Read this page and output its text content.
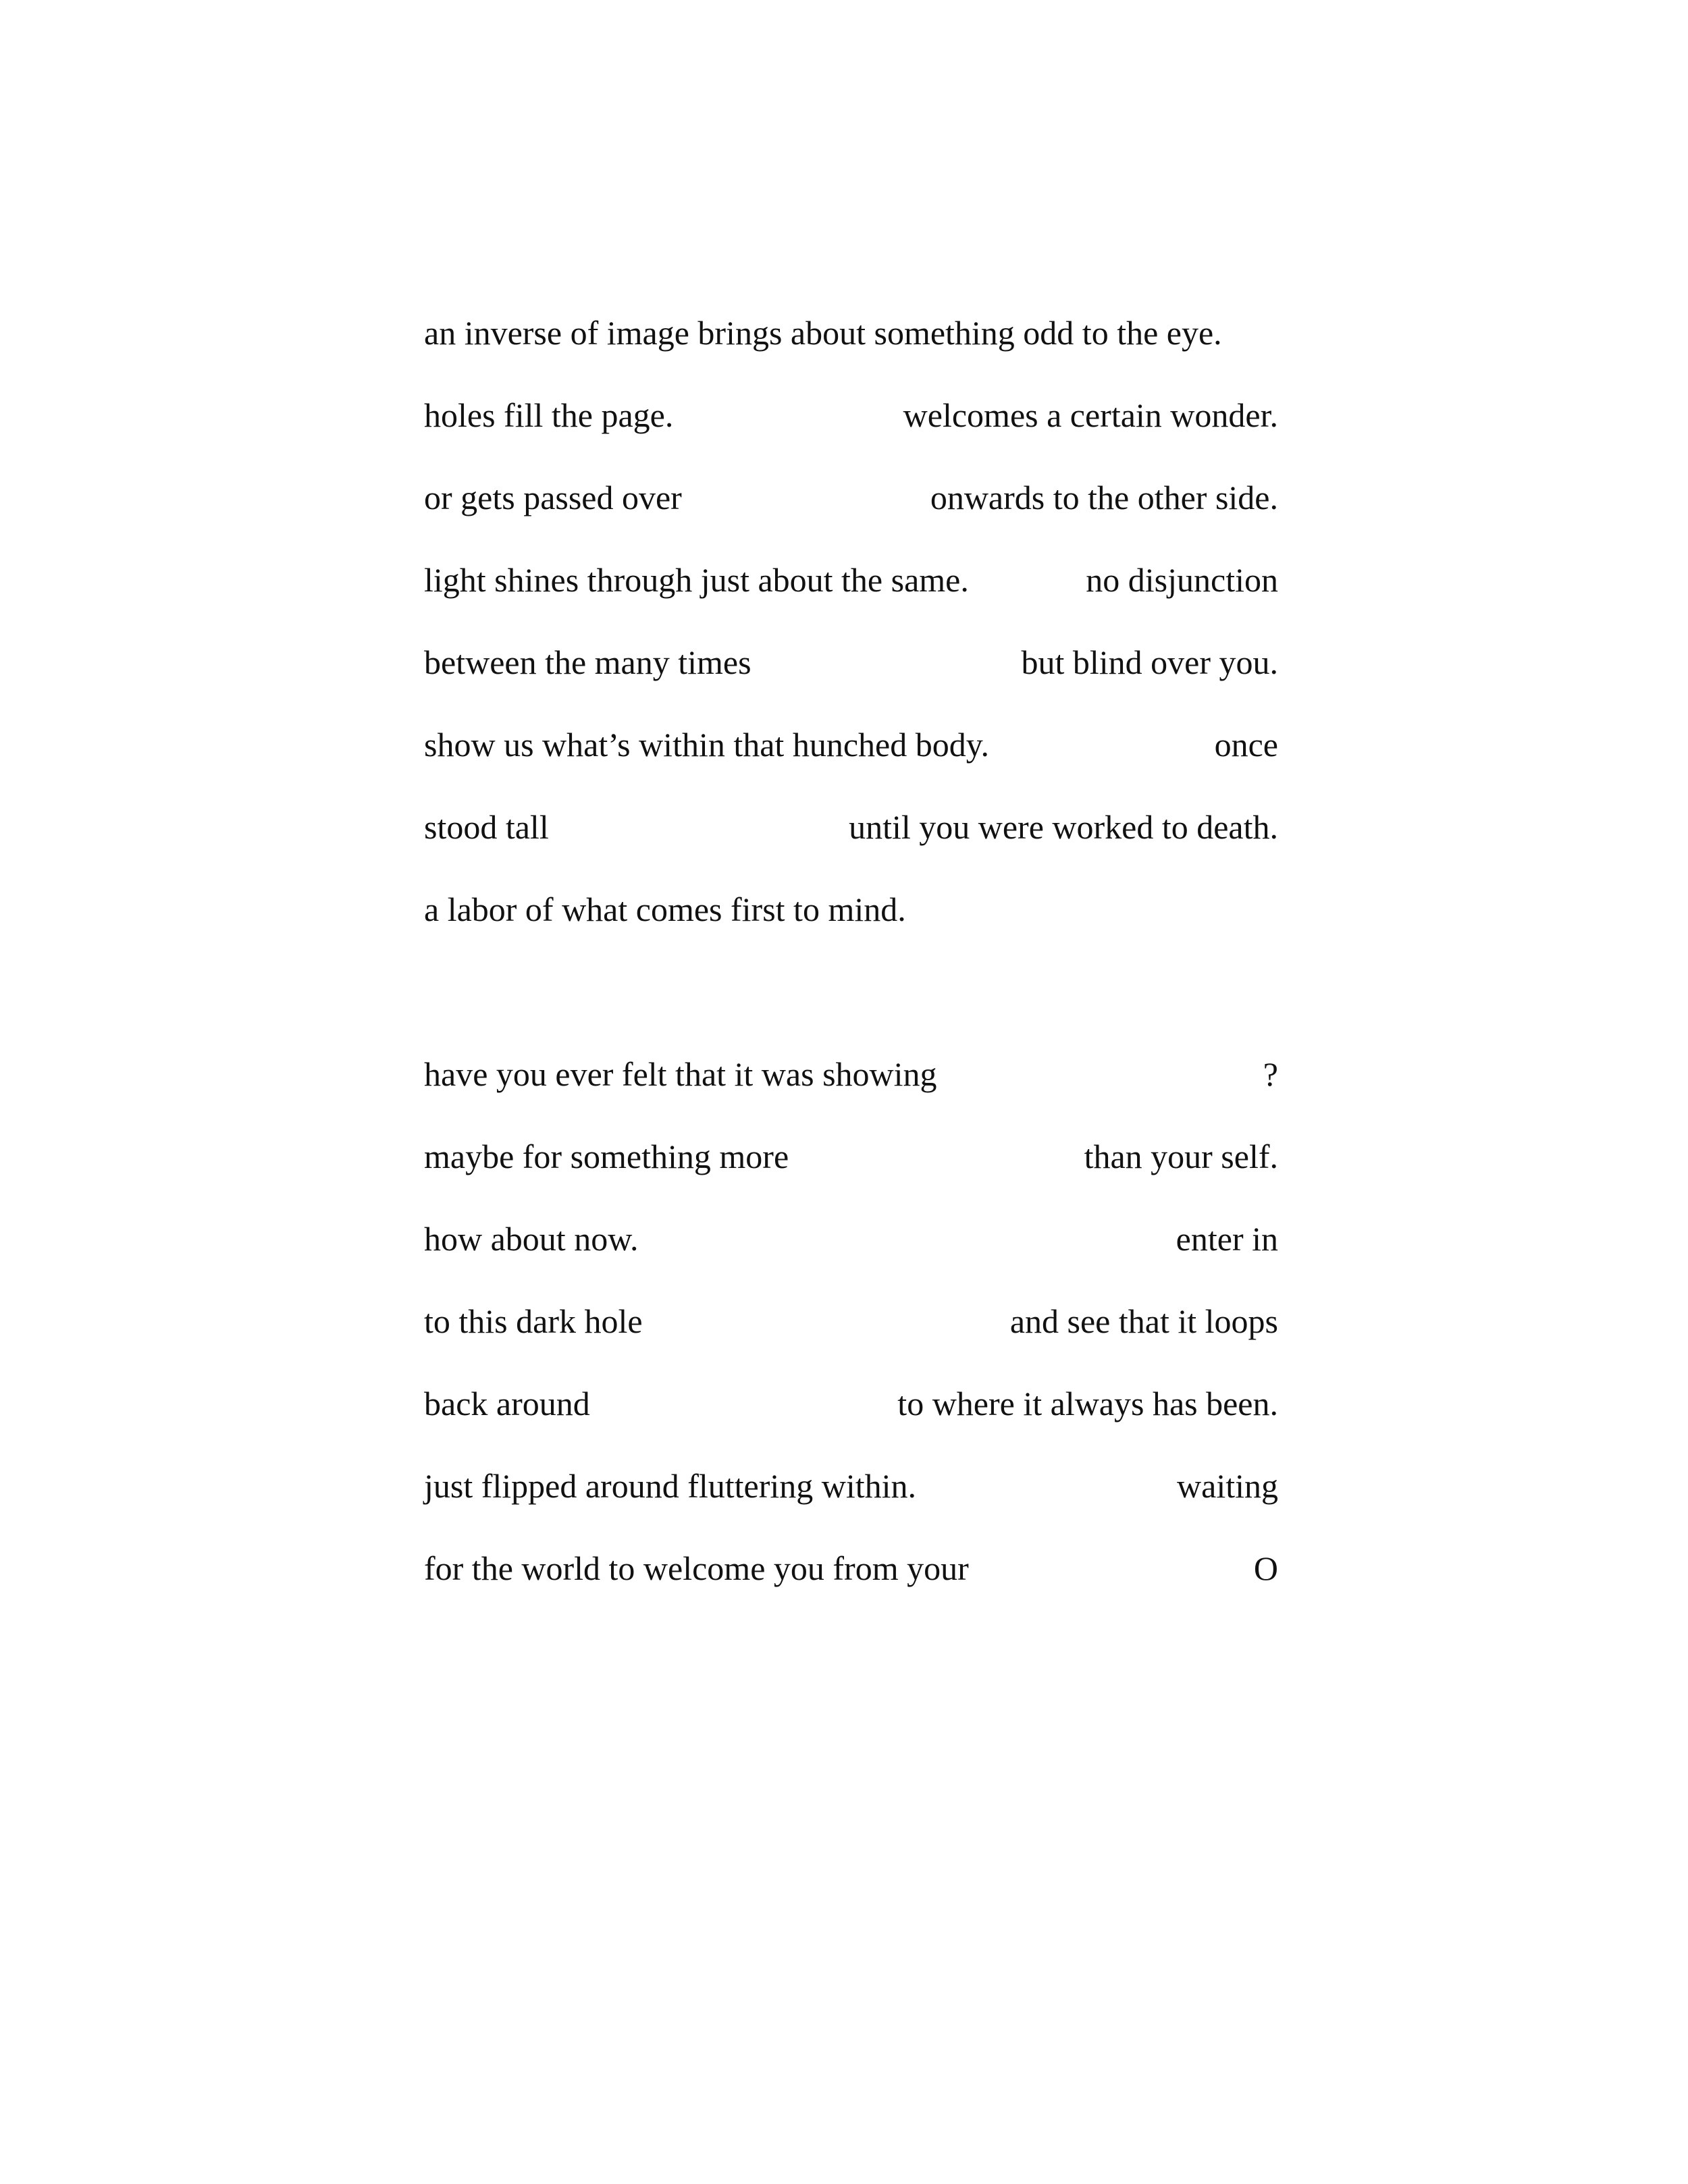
an inverse of image brings about something odd to the eye.
holes fill the page.	welcomes a certain wonder.
or gets passed over	onwards to the other side.
light shines through just about the same.	no disjunction
between the many times	but blind over you.
show us what’s within that hunched body.	once
stood tall	until you were worked to death.
a labor of what comes first to mind.
have you ever felt that it was showing	?
maybe for something more	than your self.
how about now.	enter in
to this dark hole	and see that it loops
back around	to where it always has been.
just flipped around fluttering within.	waiting
for the world to welcome you from your	O
